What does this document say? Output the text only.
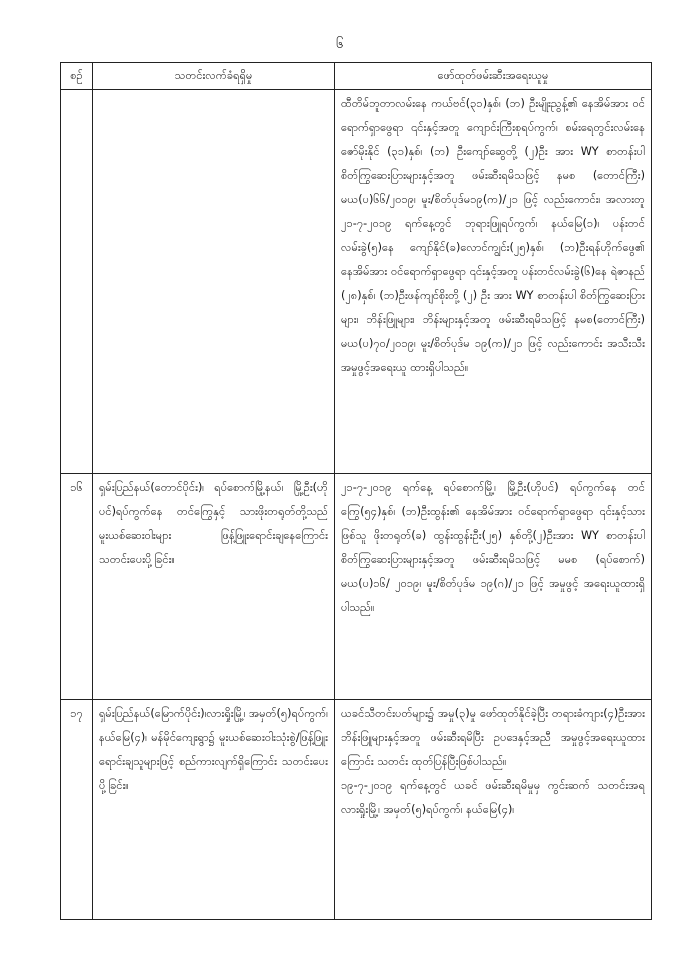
၆
စဉ်	သတင်းလက်ခံရရှိမှု	ဖော်ထုတ်ဖမ်းဆီးအရေးယူမှု

		ထီတိမ်ဘူတာလမ်းနေ ကယ်ဗင်(၃၁)နှစ်၊ (ဘ) ဦးမျိုးညွန့်၏ နေအိမ်အား ဝင်ရောက်ရှာဖွေရာ ၎င်းနှင့်အတူ ကျောင်းကြီးစုရပ်ကွက်၊ စမ်းရေတွင်းလမ်းနေ ဇော်မိုးနိုင် (၃၁)နှစ်၊ (ဘ) ဦးကျော်ဆွေတို့ (၂)ဦး အား WY စာတန်းပါ စိတ်ကြွဆေးပြားများနှင့်အတူ ဖမ်းဆီးရမိသဖြင့် နမစ (တောင်ကြီး) မယ(ပ)၆၆/၂၀၁၉၊ မူး/စိတ်ပုဒ်မ၁၉(က)/၂၁ ဖြင့် လည်းကောင်း၊ အလားတူ ၂၁-၇-၂၀၁၉ ရက်နေ့တွင် ဘုရားဖြူရပ်ကွက်၊ နယ်မြေ(၁)၊ ပန်းတင်လမ်းခွဲ(၅)နေ ကျော်နိုင်(ခ)လောင်ကျွင်း(၂၅)နှစ်၊ (ဘ)ဦးရန်ဟိုက်ဖွေ၏ နေအိမ်အား ဝင်ရောက်ရှာဖွေရာ ၎င်းနှင့်အတူ ပန်းတင်လမ်းခွဲ(၆)နေ ရဲဇာနည် (၂၈)နှစ်၊ (ဘ)ဦးဖန်ကျင်စိုးတို့ (၂) ဦး အား WY စာတန်းပါ စိတ်ကြွဆေးပြားများ၊ ဘိန်းဖြူများ၊ ဘိန်းများနှင့်အတူ ဖမ်းဆီးရမိသဖြင့် နမစ(တောင်ကြီး) မယ(ပ)၇၀/၂၀၁၉၊ မူး/စိတ်ပုဒ်မ ၁၉(က)/၂၁ ဖြင့် လည်းကောင်း အသီးသီး အမှုဖွင့်အရေးယူ ထားရှိပါသည်။

၁၆	ရှမ်းပြည်နယ်(တောင်ပိုင်း)၊ ရပ်စောက်မြို့နယ်၊ မြို့ဦး(ဟိုပင်)ရပ်ကွက်နေ တင်ကြွေနှင့် သားဖိုးတရုတ်တို့သည် မူးယစ်ဆေးဝါးများ ဖြန့်ဖြူးရောင်းချနေကြောင်း သတင်းပေးပို့ခြင်း။	၂၁-၇-၂၀၁၉ ရက်နေ့ ရပ်စောက်မြို့၊ မြို့ဦး(ဟိုပင်) ရပ်ကွက်နေ တင်ကြွေ(၅၄)နှစ်၊ (ဘ)ဦးထွန်း၏ နေအိမ်အား ဝင်ရောက်ရှာဖွေရာ ၎င်းနှင့်သားဖြစ်သူ ဖိုးတရုတ်(ခ) ထွန်းထွန်းဦး(၂၅) နှစ်တို့(၂)ဦးအား WY စာတန်းပါ စိတ်ကြွဆေးပြားများနှင့်အတူ ဖမ်းဆီးရမိသဖြင့် မမစ (ရပ်စောက်) မယ(ပ)၁၆/ ၂၀၁၉၊ မူး/စိတ်ပုဒ်မ ၁၉(ဂ)/၂၁ ဖြင့် အမှုဖွင့် အရေးယူထားရှိ ပါသည်။

၁၇	ရှမ်းပြည်နယ်(မြောက်ပိုင်း)၊လားရှိုးမြို့၊ အမှတ်(၅)ရပ်ကွက်၊ နယ်မြေ(၄)၊ မန်မိုင်ကျေးရွာ၌ မူးယစ်ဆေးဝါးသုံးစွဲ/ဖြန့်ဖြူး ရောင်းချသူများဖြင့် စည်ကားလျက်ရှိကြောင်း သတင်းပေးပို့ခြင်း။	ယခင်သီတင်းပတ်များ၌ အမှု(၃)မှု ဖော်ထုတ်နိုင်ခဲ့ပြီး တရားခံကျား(၄)ဦးအား ဘိန်းဖြူများနှင့်အတူ ဖမ်းဆီးရမိပြီး ဥပဒေနှင့်အညီ အမှုဖွင့်အရေးယူထားကြောင်း သတင်း ထုတ်ပြန်ပြီးဖြစ်ပါသည်။
၁၉-၇-၂၀၁၉ ရက်နေ့တွင် ယခင် ဖမ်းဆီးရမိမှုမှ ကွင်းဆက် သတင်းအရ လားရှိုးမြို့၊ အမှတ်(၅)ရပ်ကွက်၊ နယ်မြေ(၄)၊
